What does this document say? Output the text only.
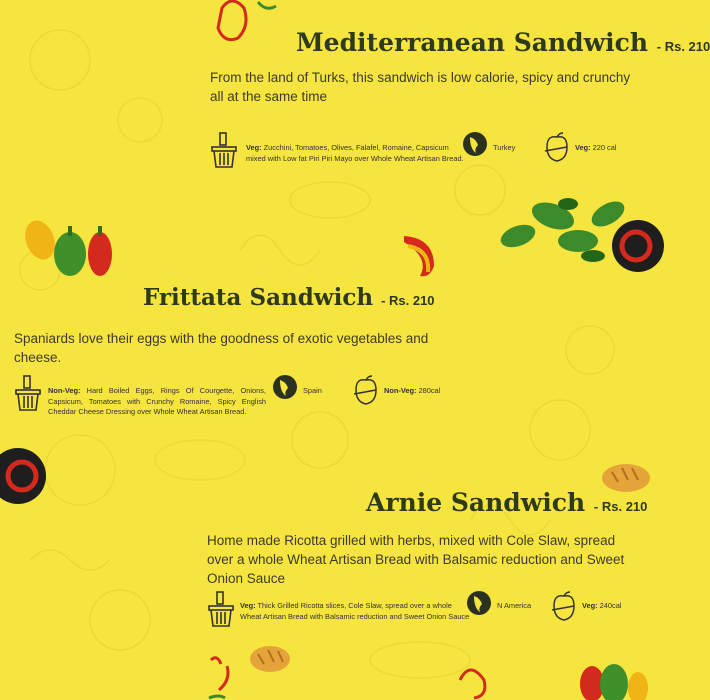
Mediterranean Sandwich - Rs. 210
From the land of Turks, this sandwich is low calorie, spicy and crunchy all at the same time
Veg: Zucchini, Tomatoes, Olives, Falafel, Romaine, Capsicum mixed with Low fat Piri Piri Mayo over Whole Wheat Artisan Bread.
Turkey	Veg: 220 cal
Frittata Sandwich - Rs. 210
Spaniards love their eggs with the goodness of exotic vegetables and cheese.
Non-Veg: Hard Boiled Eggs, Rings Of Courgette, Onions, Capsicum, Tomatoes with Crunchy Romaine, Spicy English Cheddar Cheese Dressing over Whole Wheat Artisan Bread.
Spain	Non-Veg: 280cal
Arnie Sandwich - Rs. 210
Home made Ricotta grilled with herbs, mixed with Cole Slaw, spread over a whole Wheat Artisan Bread with Balsamic reduction and Sweet Onion Sauce
Veg: Thick Grilled Ricotta slices, Cole Slaw, spread over a whole Wheat Artisan Bread with Balsamic reduction and Sweet Onion Sauce
N America	Veg: 240cal
